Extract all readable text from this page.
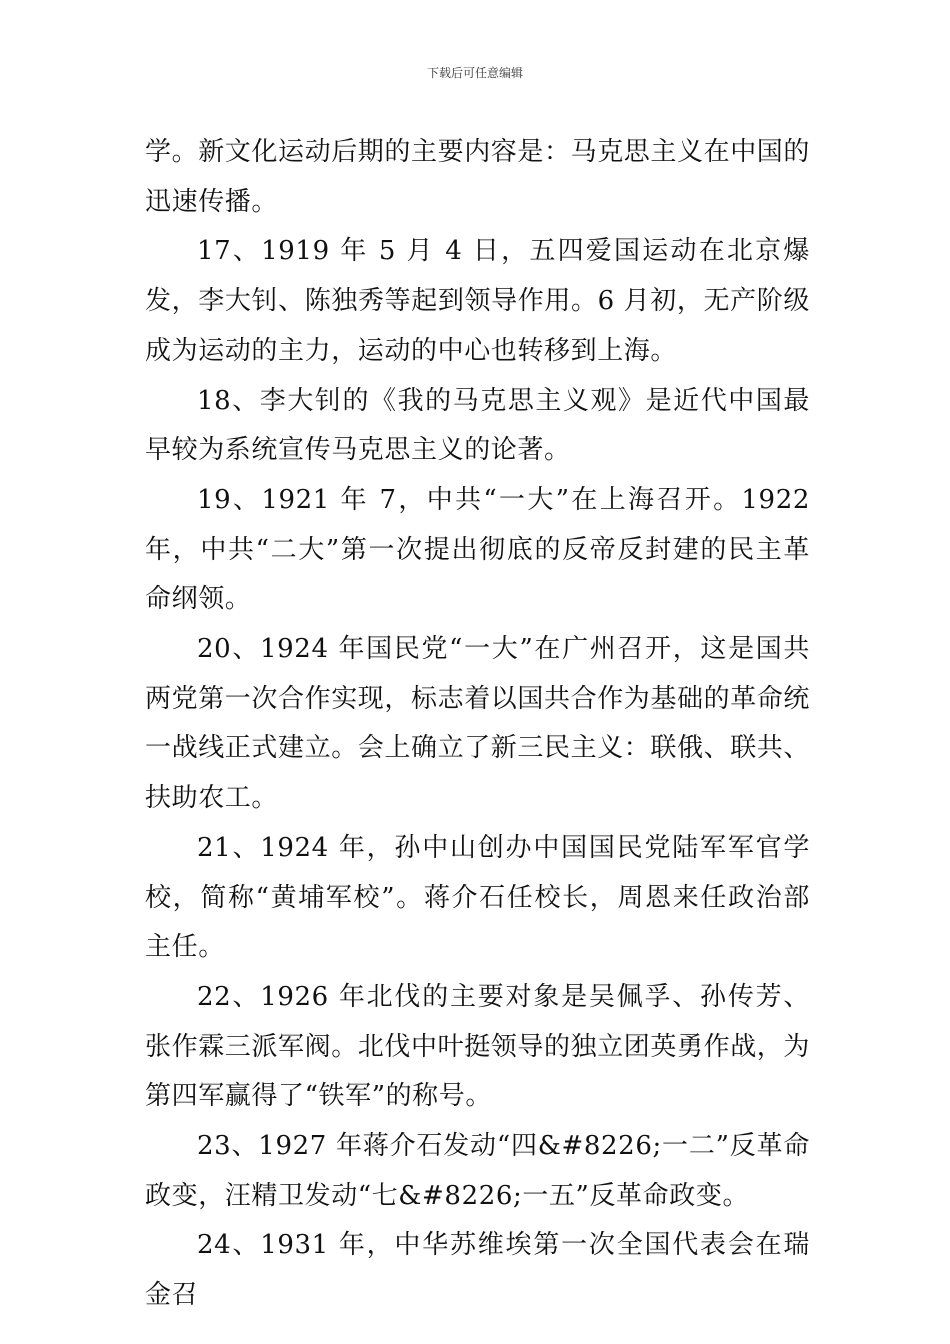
下载后可任意编辑

学。新文化运动后期的主要内容是：马克思主义在中国的迅速传播。

17、1919 年 5 月 4 日，五四爱国运动在北京爆发，李大钊、陈独秀等起到领导作用。6 月初，无产阶级成为运动的主力，运动的中心也转移到上海。

18、李大钊的《我的马克思主义观》是近代中国最早较为系统宣传马克思主义的论著。

19、1921 年 7，中共“一大”在上海召开。1922 年，中共“二大”第一次提出彻底的反帝反封建的民主革命纲领。

20、1924 年国民党“一大”在广州召开，这是国共两党第一次合作实现，标志着以国共合作为基础的革命统一战线正式建立。会上确立了新三民主义：联俄、联共、扶助农工。

21、1924 年，孙中山创办中国国民党陆军军官学校，简称“黄埔军校”。蒋介石任校长，周恩来任政治部主任。

22、1926 年北伐的主要对象是吴佩孚、孙传芳、张作霖三派军阀。北伐中叶挺领导的独立团英勇作战，为第四军赢得了“铁军”的称号。

23、1927 年蒋介石发动“四&#8226;一二”反革命政变，汪精卫发动“七&#8226;一五”反革命政变。

24、1931 年，中华苏维埃第一次全国代表会在瑞金召
